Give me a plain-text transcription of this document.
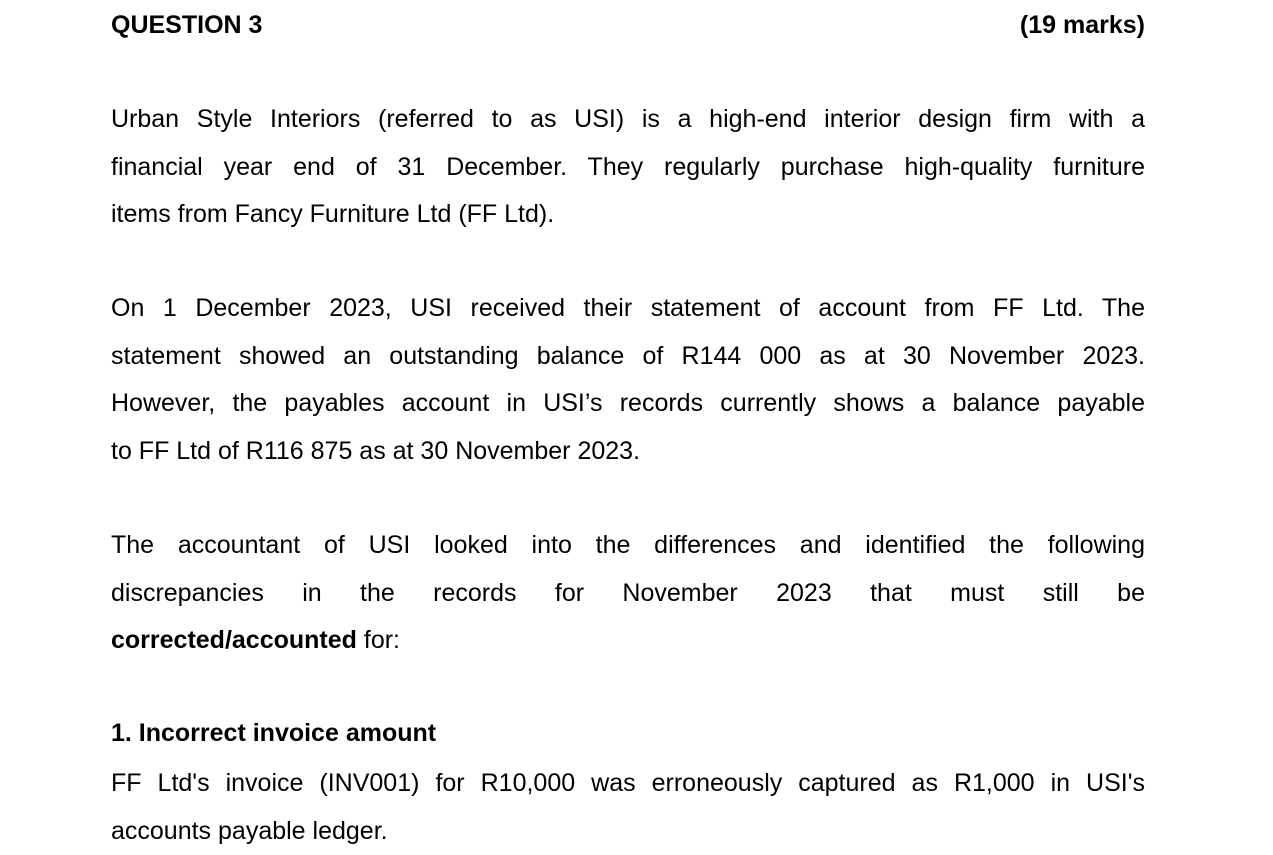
QUESTION 3	(19 marks)

Urban Style Interiors (referred to as USI) is a high-end interior design firm with a
financial year end of 31 December. They regularly purchase high-quality furniture
items from Fancy Furniture Ltd (FF Ltd).

On 1 December 2023, USI received their statement of account from FF Ltd. The
statement showed an outstanding balance of R144 000 as at 30 November 2023.
However, the payables account in USI’s records currently shows a balance payable
to FF Ltd of R116 875 as at 30 November 2023.

The accountant of USI looked into the differences and identified the following
discrepancies in the records for November 2023 that must still be
corrected/accounted for:

1. Incorrect invoice amount

FF Ltd's invoice (INV001) for R10,000 was erroneously captured as R1,000 in USI's
accounts payable ledger.
